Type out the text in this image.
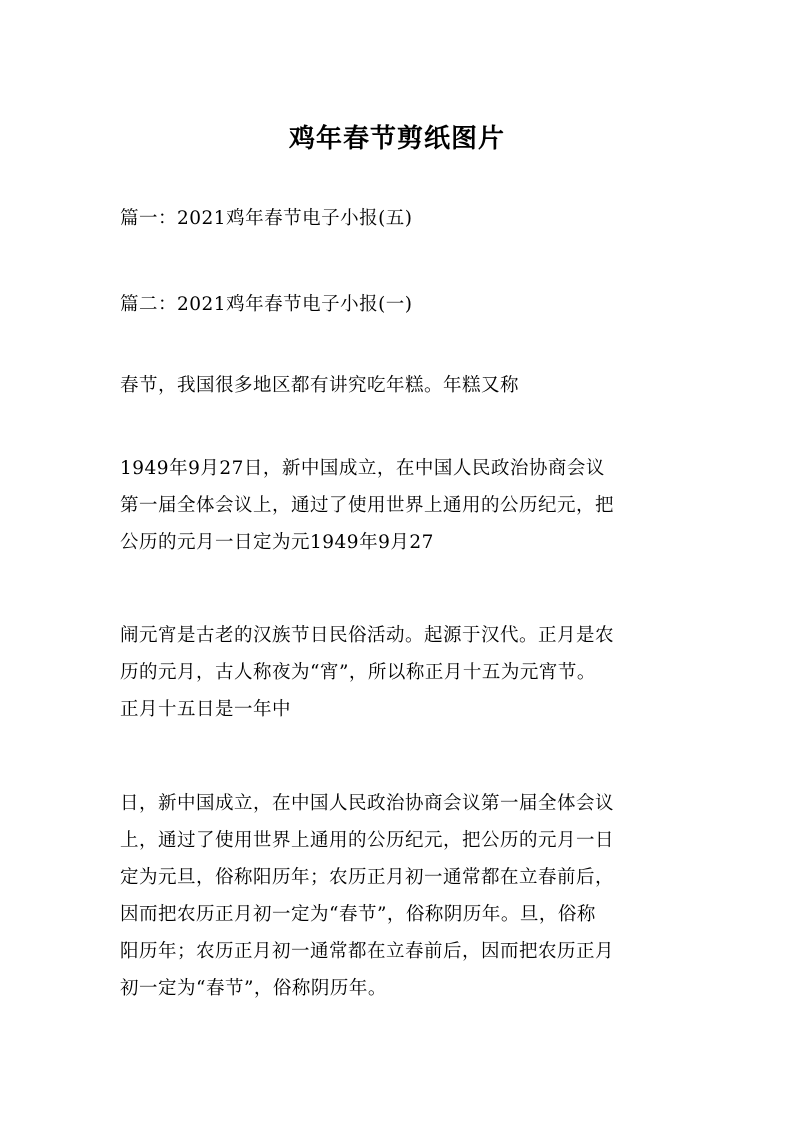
鸡年春节剪纸图片

篇一：2021鸡年春节电子小报(五)

篇二：2021鸡年春节电子小报(一)

春节，我国很多地区都有讲究吃年糕。年糕又称

1949年9月27日，新中国成立，在中国人民政治协商会议
第一届全体会议上，通过了使用世界上通用的公历纪元，把
公历的元月一日定为元1949年9月27

闹元宵是古老的汉族节日民俗活动。起源于汉代。正月是农
历的元月，古人称夜为“宵”，所以称正月十五为元宵节。
正月十五日是一年中

日，新中国成立，在中国人民政治协商会议第一届全体会议
上，通过了使用世界上通用的公历纪元，把公历的元月一日
定为元旦，俗称阳历年；农历正月初一通常都在立春前后，
因而把农历正月初一定为“春节”，俗称阴历年。旦，俗称
阳历年；农历正月初一通常都在立春前后，因而把农历正月
初一定为“春节”，俗称阴历年。
